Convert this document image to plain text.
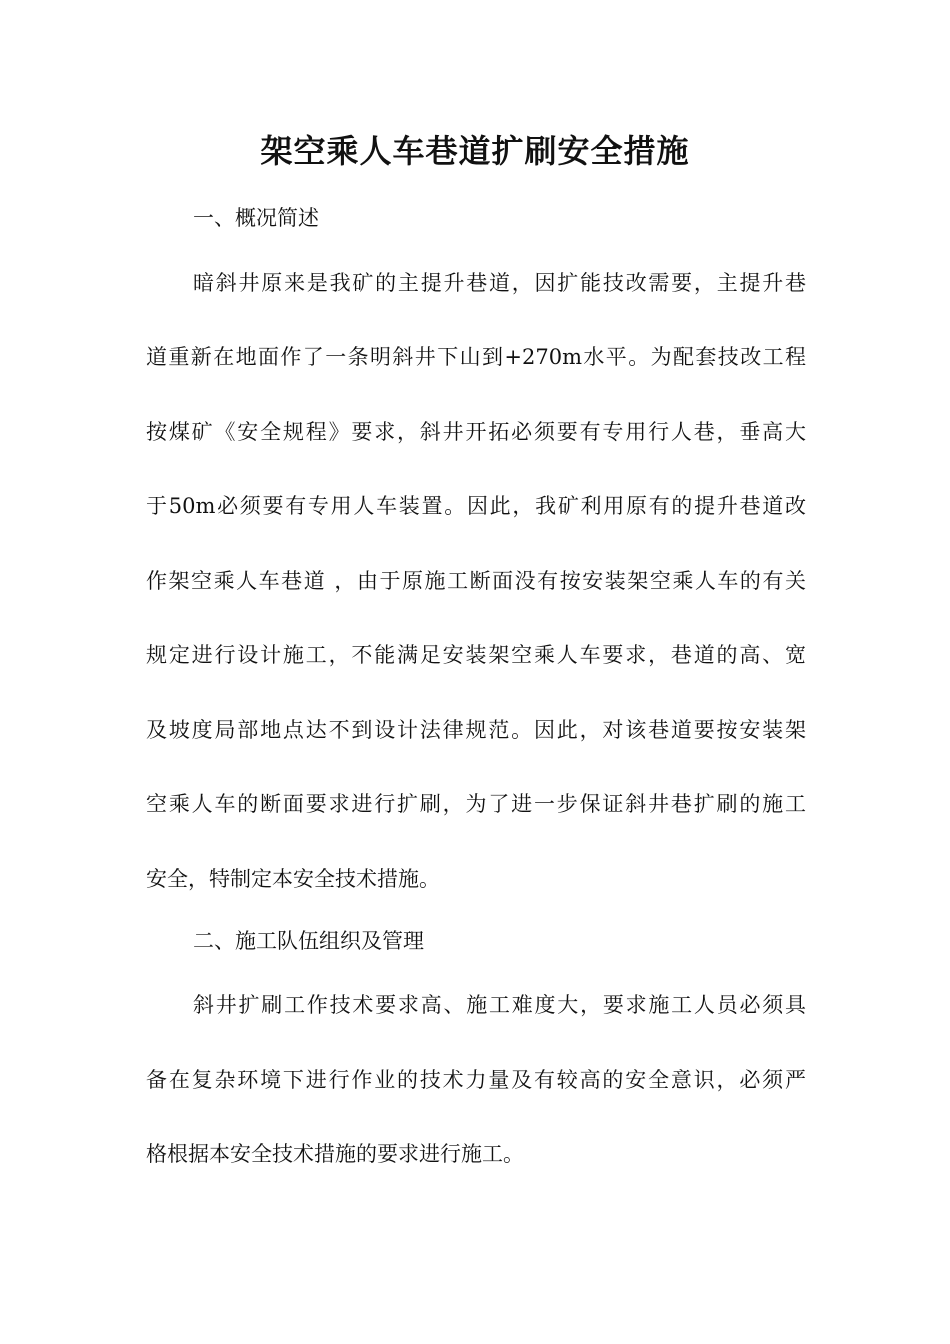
架空乘人车巷道扩刷安全措施

一、概况简述

暗斜井原来是我矿的主提升巷道，因扩能技改需要，主提升巷

道重新在地面作了一条明斜井下山到+270m水平。为配套技改工程

按煤矿《安全规程》要求，斜井开拓必须要有专用行人巷，垂高大

于50m必须要有专用人车装置。因此，我矿利用原有的提升巷道改

作架空乘人车巷道 ，由于原施工断面没有按安装架空乘人车的有关

规定进行设计施工，不能满足安装架空乘人车要求，巷道的高、宽

及坡度局部地点达不到设计法律规范。因此，对该巷道要按安装架

空乘人车的断面要求进行扩刷，为了进一步保证斜井巷扩刷的施工

安全，特制定本安全技术措施。

二、施工队伍组织及管理

斜井扩刷工作技术要求高、施工难度大，要求施工人员必须具

备在复杂环境下进行作业的技术力量及有较高的安全意识，必须严

格根据本安全技术措施的要求进行施工。
